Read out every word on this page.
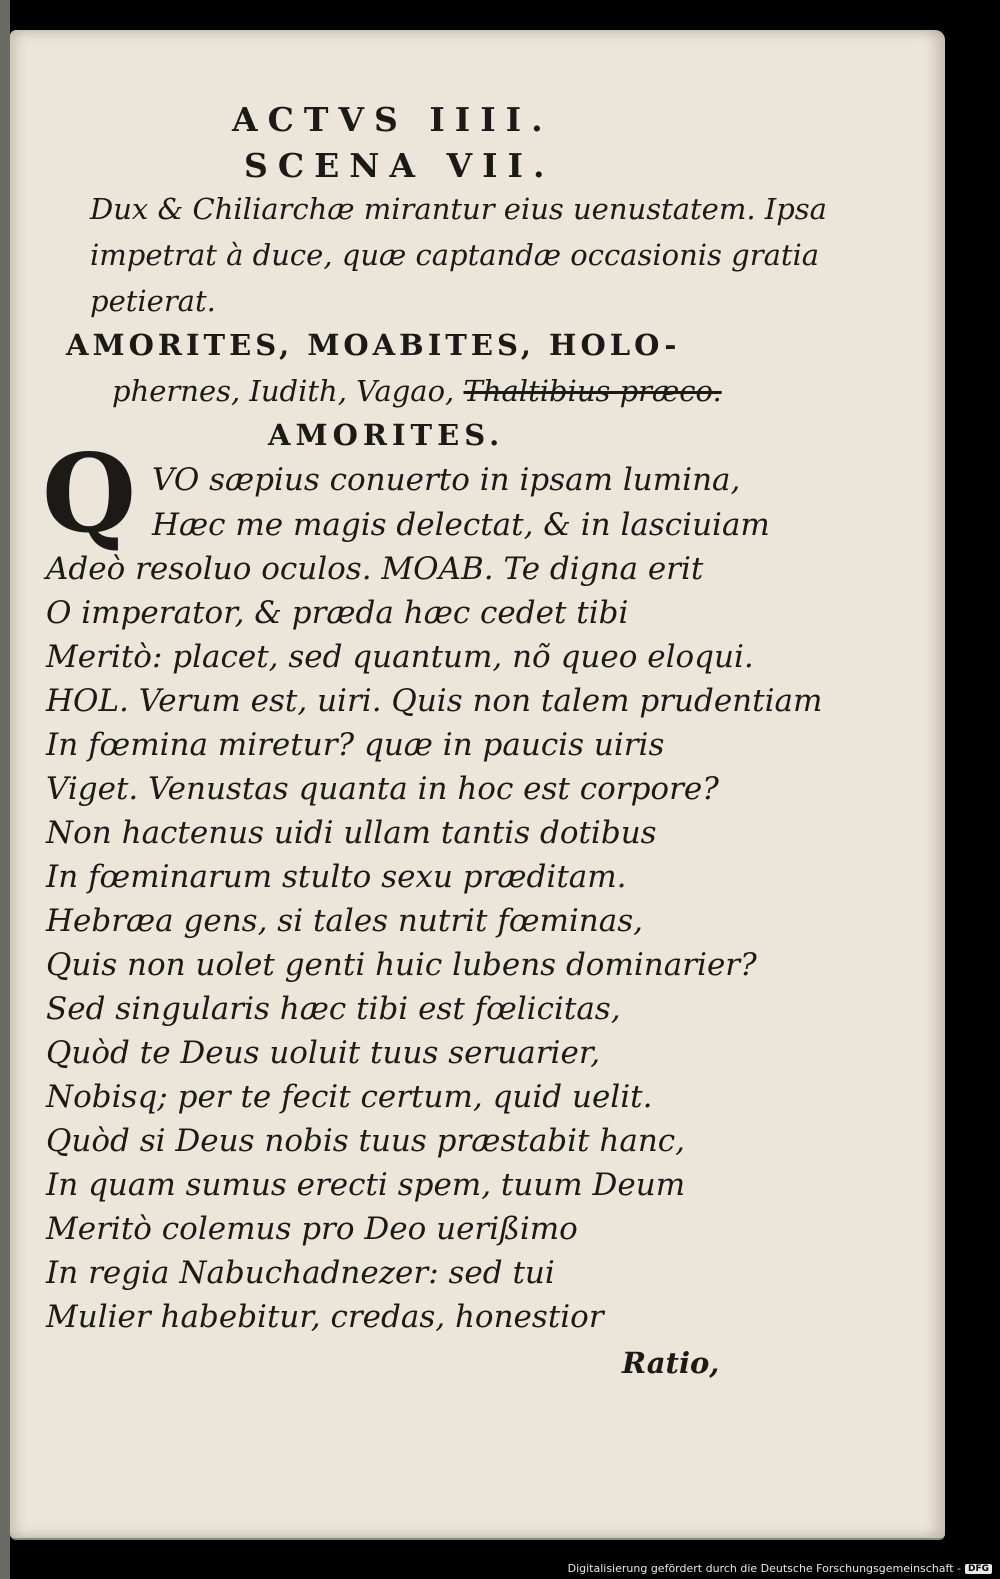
ACTVS IIII.
SCENA VII.
Dux & Chiliarchæ mirantur eius uenustatem. Ipsa
impetrat à duce, quæ captandæ occasionis gratia
petierat.
AMORITES, MOABITES, HOLO-
phernes, Iudith, Vagao, Thaltibius præco.
AMORITES.
Q VO sæpius conuerto in ipsam lumina,
Hæc me magis delectat, & in lasciuiam
Adeò resoluo oculos. MOAB. Te digna erit
O imperator, & præda hæc cedet tibi
Meritò: placet, sed quantum, nõ queo eloqui.
HOL. Verum est, uiri. Quis non talem prudentiam
In fœmina miretur? quæ in paucis uiris
Viget. Venustas quanta in hoc est corpore?
Non hactenus uidi ullam tantis dotibus
In fœminarum stulto sexu præditam.
Hebræa gens, si tales nutrit fœminas,
Quis non uolet genti huic lubens dominarier?
Sed singularis hæc tibi est fœlicitas,
Quòd te Deus uoluit tuus seruarier,
Nobisq; per te fecit certum, quid uelit.
Quòd si Deus nobis tuus præstabit hanc,
In quam sumus erecti spem, tuum Deum
Meritò colemus pro Deo uerißimo
In regia Nabuchadnezer: sed tui
Mulier habebitur, credas, honestior
Ratio,
Digitalisierung gefördert durch die Deutsche Forschungsgemeinschaft - DFG
